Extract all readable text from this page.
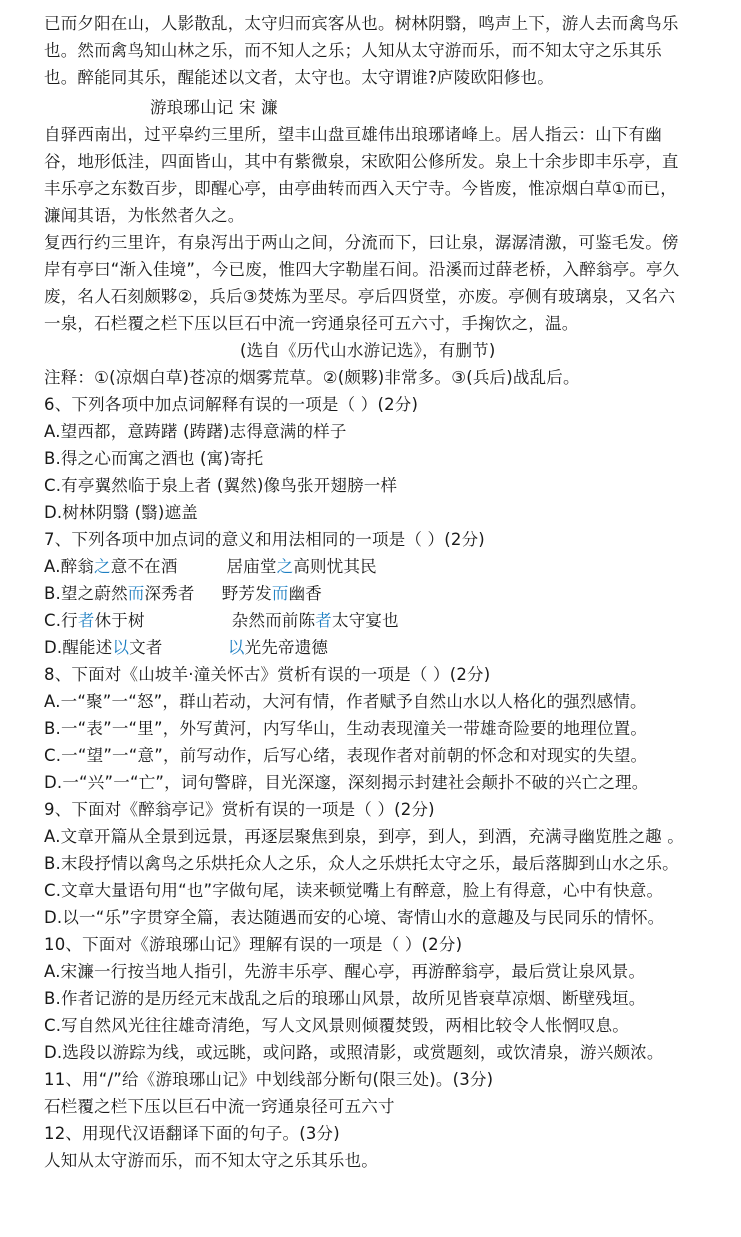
已而夕阳在山，人影散乱，太守归而宾客从也。树林阴翳，鸣声上下，游人去而禽鸟乐
也。然而禽鸟知山林之乐，而不知人之乐；人知从太守游而乐，而不知太守之乐其乐
也。醉能同其乐，醒能述以文者，太守也。太守谓谁?庐陵欧阳修也。
游琅琊山记 宋 濂
自驿西南出，过平皋约三里所，望丰山盘亘雄伟出琅琊诸峰上。居人指云：山下有幽
谷，地形低洼，四面皆山，其中有紫微泉，宋欧阳公修所发。泉上十余步即丰乐亭，直
丰乐亭之东数百步，即醒心亭，由亭曲转而西入天宁寺。今皆废，惟凉烟白草①而已，
濂闻其语，为怅然者久之。
复西行约三里许，有泉泻出于两山之间，分流而下，曰让泉，潺潺清激，可鉴毛发。傍
岸有亭曰“渐入佳境”，今已废，惟四大字勒崖石间。沿溪而过薛老桥，入醉翁亭。亭久
废，名人石刻颇夥②，兵后③焚炼为垩尽。亭后四贤堂，亦废。亭侧有玻璃泉，又名六
一泉，石栏覆之栏下压以巨石中流一窍通泉径可五六寸，手掬饮之，温。
(选自《历代山水游记选》，有删节)
注释：①(凉烟白草)苍凉的烟雾荒草。②(颇夥)非常多。③(兵后)战乱后。
6、下列各项中加点词解释有误的一项是（ ）(2分)
A.望西都，意踌躇 (踌躇)志得意满的样子
B.得之心而寓之酒也 (寓)寄托
C.有亭翼然临于泉上者 (翼然)像鸟张开翅膀一样
D.树林阴翳 (翳)遮盖
7、下列各项中加点词的意义和用法相同的一项是（ ）(2分)
A.醉翁之意不在酒         居庙堂之高则忧其民
B.望之蔚然而深秀者     野芳发而幽香
C.行者休于树                杂然而前陈者太守宴也
D.醒能述以文者            以光先帝遗德
8、下面对《山坡羊·潼关怀古》赏析有误的一项是（ ）(2分)
A.一“聚”一“怒”，群山若动，大河有情，作者赋予自然山水以人格化的强烈感情。
B.一“表”一“里”，外写黄河，内写华山，生动表现潼关一带雄奇险要的地理位置。
C.一“望”一“意”，前写动作，后写心绪，表现作者对前朝的怀念和对现实的失望。
D.一“兴”一“亡”，词句警辟，目光深邃，深刻揭示封建社会颠扑不破的兴亡之理。
9、下面对《醉翁亭记》赏析有误的一项是（ ）(2分)
A.文章开篇从全景到远景，再逐层聚焦到泉，到亭，到人，到酒，充满寻幽览胜之趣 。
B.末段抒情以禽鸟之乐烘托众人之乐，众人之乐烘托太守之乐，最后落脚到山水之乐。
C.文章大量语句用“也”字做句尾，读来顿觉嘴上有醉意，脸上有得意，心中有快意。
D.以一“乐”字贯穿全篇，表达随遇而安的心境、寄情山水的意趣及与民同乐的情怀。
10、下面对《游琅琊山记》理解有误的一项是（ ）(2分)
A.宋濂一行按当地人指引，先游丰乐亭、醒心亭，再游醉翁亭，最后赏让泉风景。
B.作者记游的是历经元末战乱之后的琅琊山风景，故所见皆衰草凉烟、断壁残垣。
C.写自然风光往往雄奇清绝，写人文风景则倾覆焚毁，两相比较令人怅惘叹息。
D.选段以游踪为线，或远眺，或问路，或照清影，或赏题刻，或饮清泉，游兴颇浓。
11、用“/”给《游琅琊山记》中划线部分断句(限三处)。(3分)
石栏覆之栏下压以巨石中流一窍通泉径可五六寸
12、用现代汉语翻译下面的句子。(3分)
人知从太守游而乐，而不知太守之乐其乐也。
